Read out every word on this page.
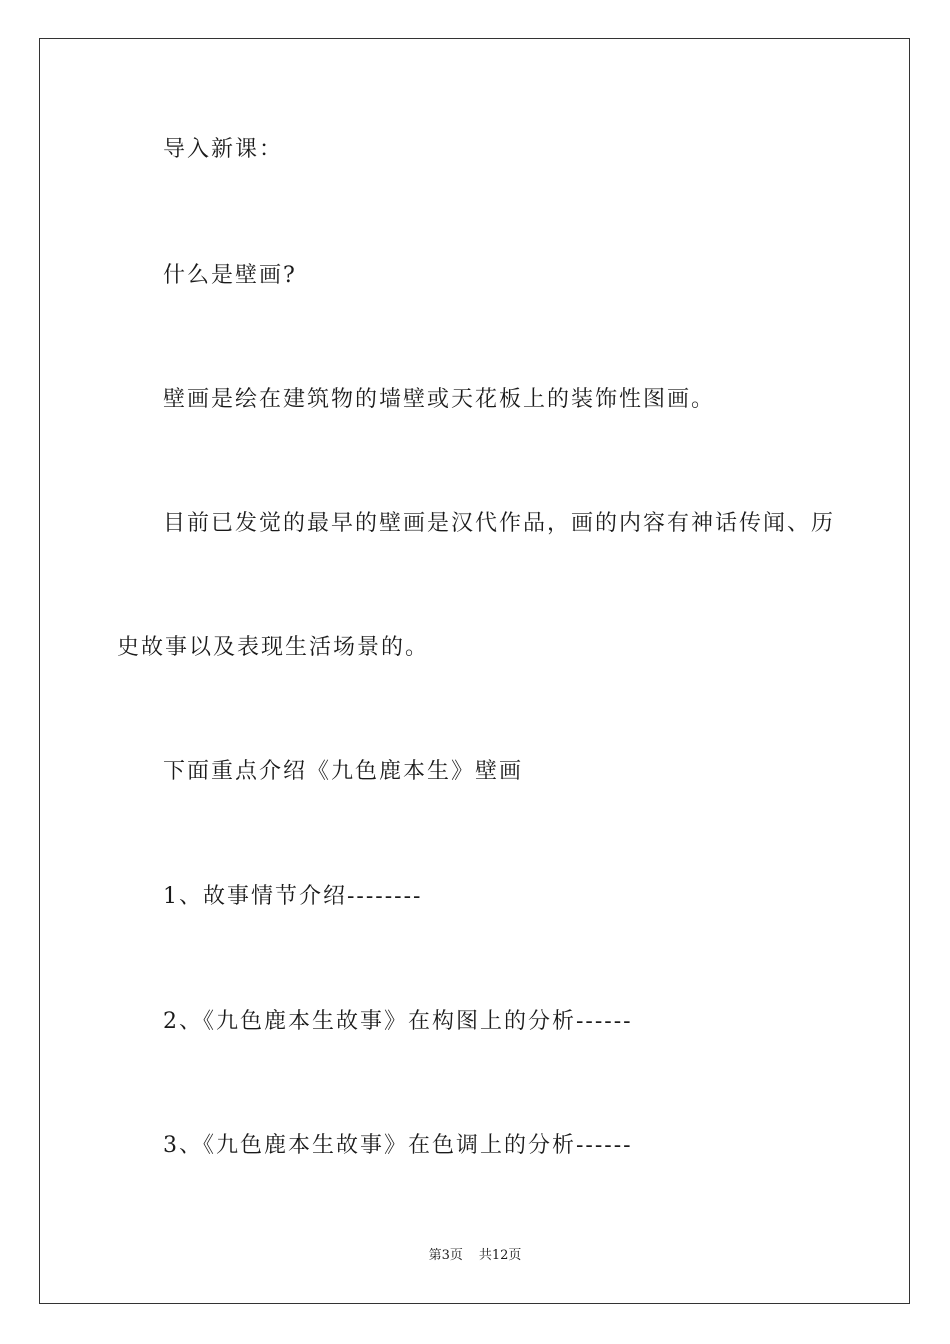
导入新课：
什么是壁画?
壁画是绘在建筑物的墙壁或天花板上的装饰性图画。
目前已发觉的最早的壁画是汉代作品，画的内容有神话传闻、历
史故事以及表现生活场景的。
下面重点介绍《九色鹿本生》壁画
1、故事情节介绍--------
2、《九色鹿本生故事》在构图上的分析------
3、《九色鹿本生故事》在色调上的分析------
第3页 共12页
